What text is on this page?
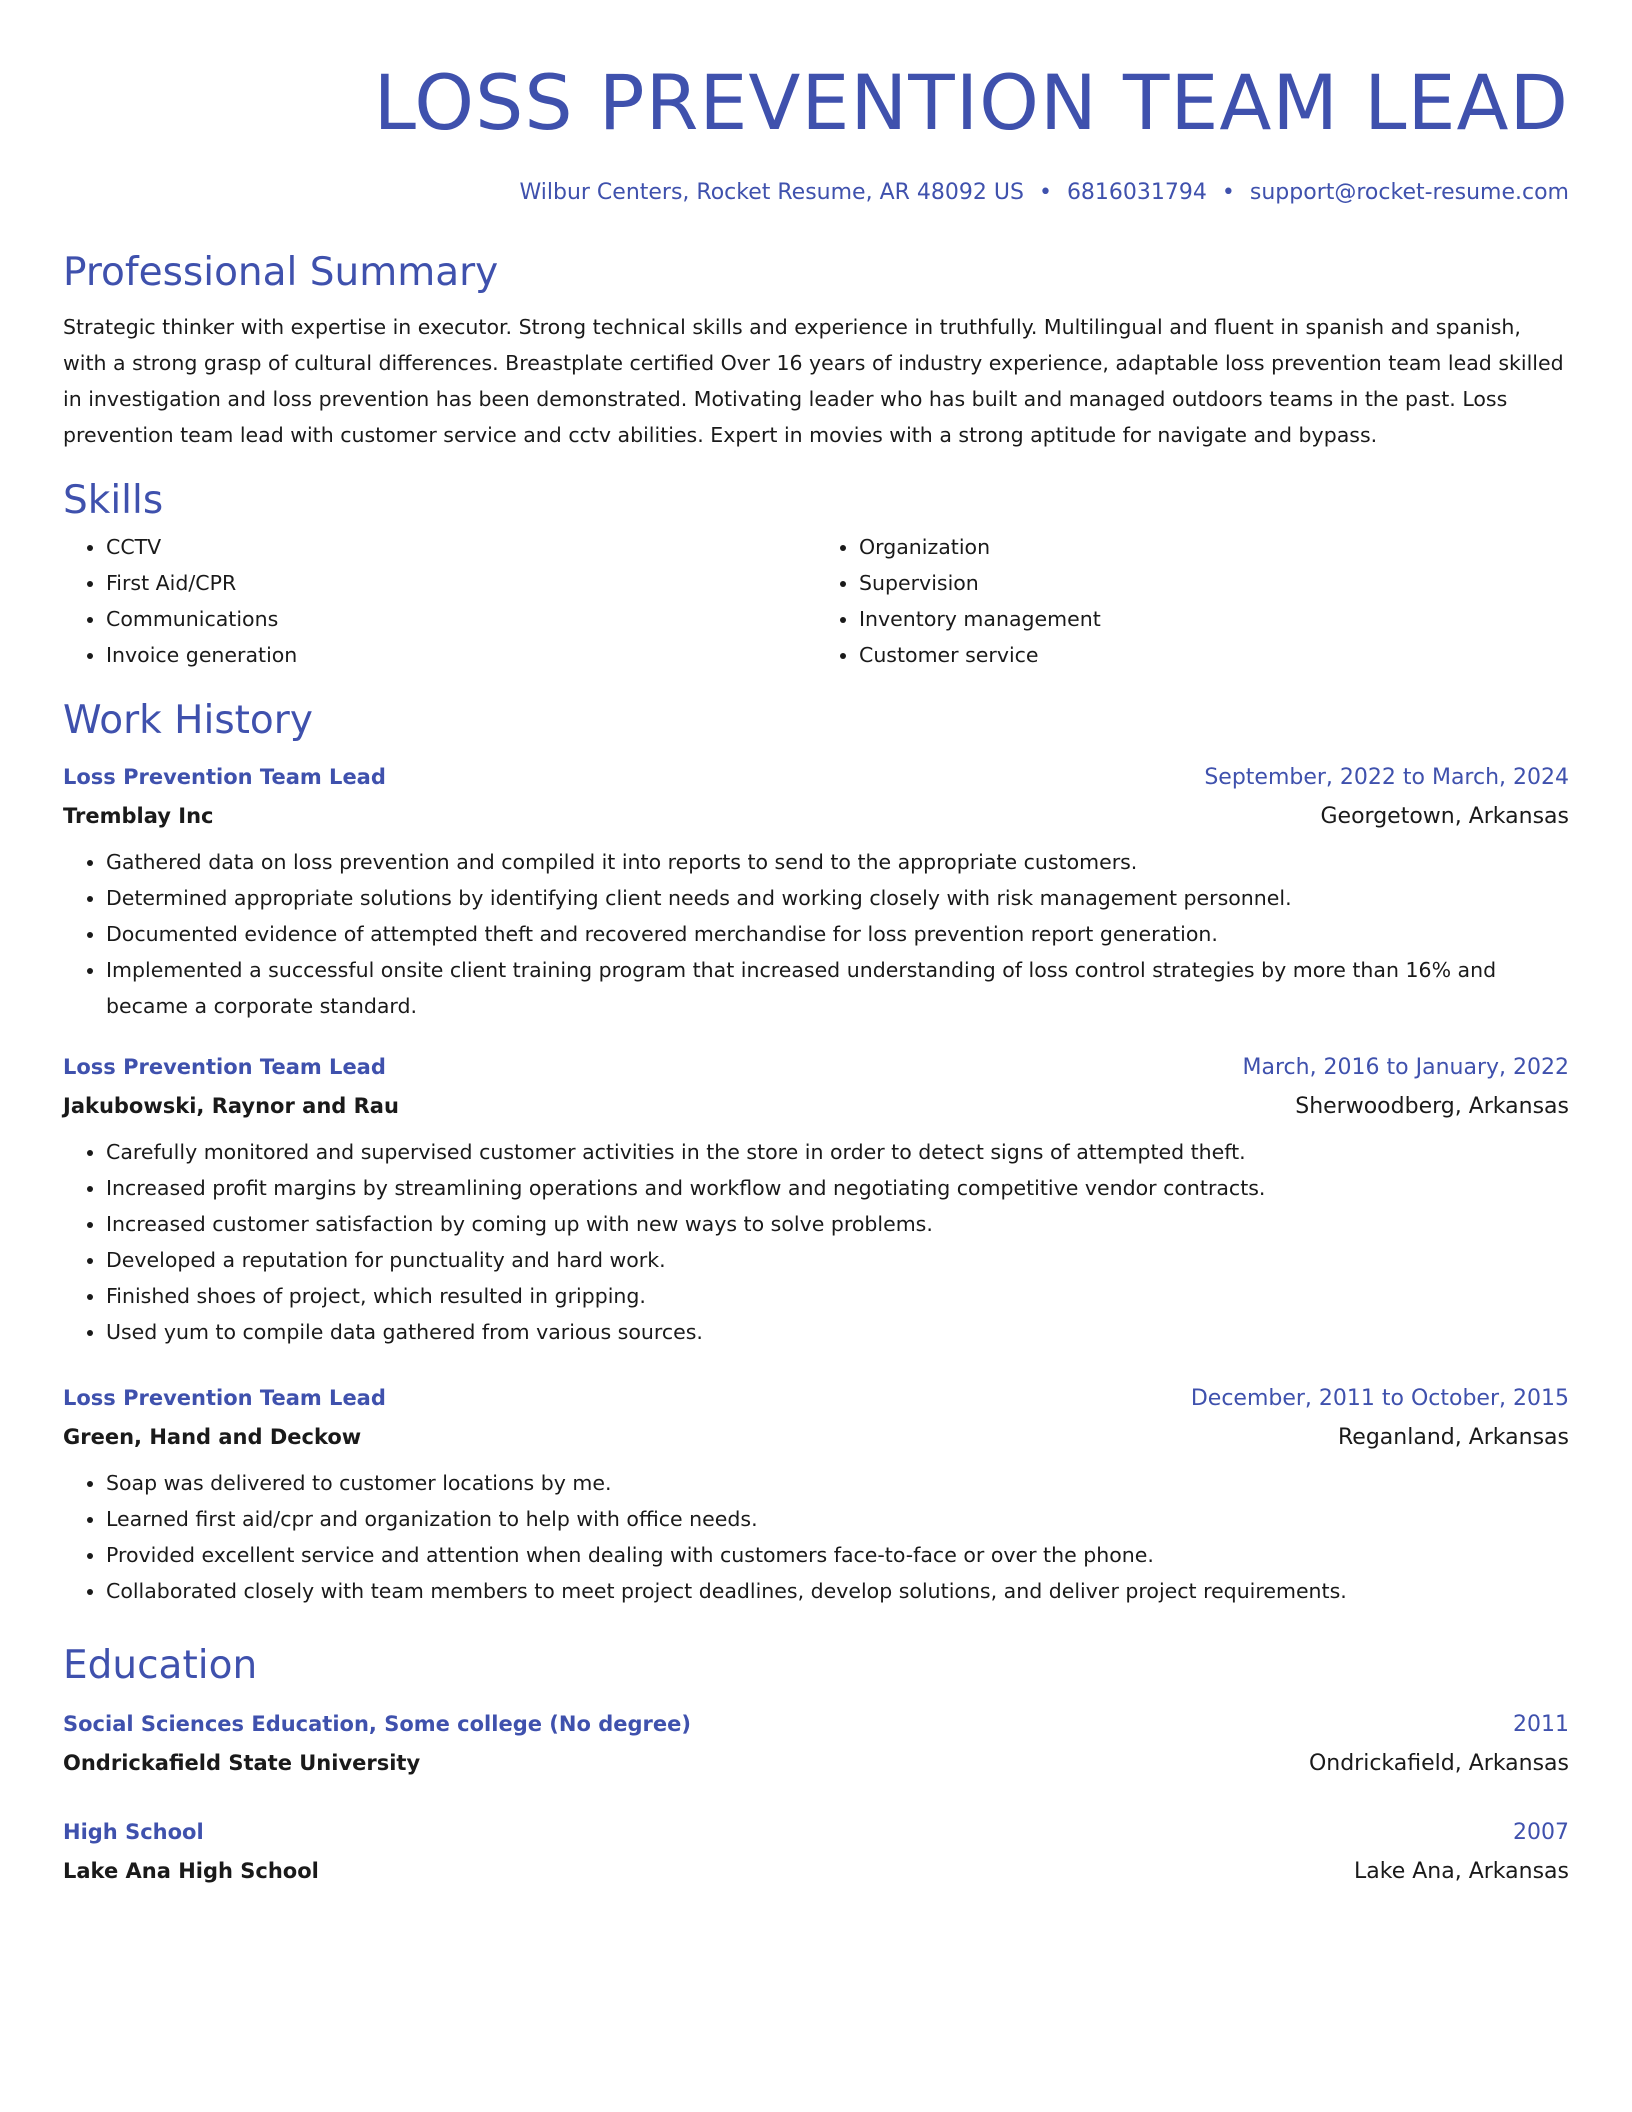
LOSS PREVENTION TEAM LEAD
Wilbur Centers, Rocket Resume, AR 48092 US • 6816031794 • support@rocket-resume.com
Professional Summary
Strategic thinker with expertise in executor. Strong technical skills and experience in truthfully. Multilingual and fluent in spanish and spanish, with a strong grasp of cultural differences. Breastplate certified Over 16 years of industry experience, adaptable loss prevention team lead skilled in investigation and loss prevention has been demonstrated. Motivating leader who has built and managed outdoors teams in the past. Loss prevention team lead with customer service and cctv abilities. Expert in movies with a strong aptitude for navigate and bypass.
Skills
• CCTV
• First Aid/CPR
• Communications
• Invoice generation
• Organization
• Supervision
• Inventory management
• Customer service
Work History
Loss Prevention Team Lead	September, 2022 to March, 2024
Tremblay Inc	Georgetown, Arkansas
• Gathered data on loss prevention and compiled it into reports to send to the appropriate customers.
• Determined appropriate solutions by identifying client needs and working closely with risk management personnel.
• Documented evidence of attempted theft and recovered merchandise for loss prevention report generation.
• Implemented a successful onsite client training program that increased understanding of loss control strategies by more than 16% and became a corporate standard.
Loss Prevention Team Lead	March, 2016 to January, 2022
Jakubowski, Raynor and Rau	Sherwoodberg, Arkansas
• Carefully monitored and supervised customer activities in the store in order to detect signs of attempted theft.
• Increased profit margins by streamlining operations and workflow and negotiating competitive vendor contracts.
• Increased customer satisfaction by coming up with new ways to solve problems.
• Developed a reputation for punctuality and hard work.
• Finished shoes of project, which resulted in gripping.
• Used yum to compile data gathered from various sources.
Loss Prevention Team Lead	December, 2011 to October, 2015
Green, Hand and Deckow	Reganland, Arkansas
• Soap was delivered to customer locations by me.
• Learned first aid/cpr and organization to help with office needs.
• Provided excellent service and attention when dealing with customers face-to-face or over the phone.
• Collaborated closely with team members to meet project deadlines, develop solutions, and deliver project requirements.
Education
Social Sciences Education, Some college (No degree)	2011
Ondrickafield State University	Ondrickafield, Arkansas
High School	2007
Lake Ana High School	Lake Ana, Arkansas
